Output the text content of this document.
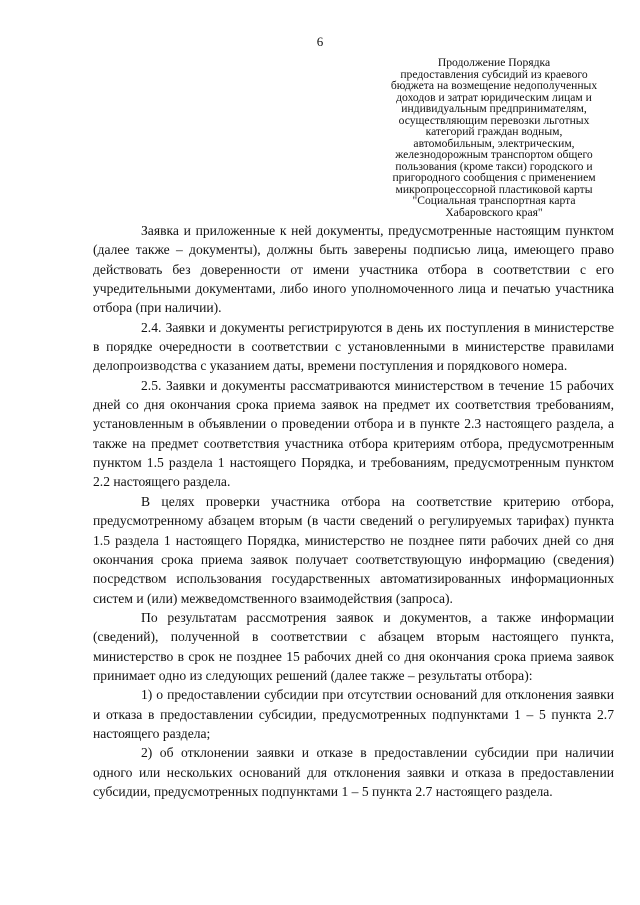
6
Продолжение Порядка
предоставления субсидий из краевого
бюджета на возмещение недополученных
доходов и затрат юридическим лицам и
индивидуальным предпринимателям,
осуществляющим перевозки льготных
категорий граждан водным,
автомобильным, электрическим,
железнодорожным транспортом общего
пользования (кроме такси) городского и
пригородного сообщения с применением
микропроцессорной пластиковой карты
"Социальная транспортная карта
Хабаровского края"

Заявка и приложенные к ней документы, предусмотренные настоящим пунктом (далее также – документы), должны быть заверены подписью лица, имеющего право действовать без доверенности от имени участника отбора в соответствии с его учредительными документами, либо иного уполномоченного лица и печатью участника отбора (при наличии).

2.4. Заявки и документы регистрируются в день их поступления в министерстве в порядке очередности в соответствии с установленными в министерстве правилами делопроизводства с указанием даты, времени поступления и порядкового номера.

2.5. Заявки и документы рассматриваются министерством в течение 15 рабочих дней со дня окончания срока приема заявок на предмет их соответствия требованиям, установленным в объявлении о проведении отбора и в пункте 2.3 настоящего раздела, а также на предмет соответствия участника отбора критериям отбора, предусмотренным пунктом 1.5 раздела 1 настоящего Порядка, и требованиям, предусмотренным пунктом 2.2 настоящего раздела.

В целях проверки участника отбора на соответствие критерию отбора, предусмотренному абзацем вторым (в части сведений о регулируемых тарифах) пункта 1.5 раздела 1 настоящего Порядка, министерство не позднее пяти рабочих дней со дня окончания срока приема заявок получает соответствующую информацию (сведения) посредством использования государственных автоматизированных информационных систем и (или) межведомственного взаимодействия (запроса).

По результатам рассмотрения заявок и документов, а также информации (сведений), полученной в соответствии с абзацем вторым настоящего пункта, министерство в срок не позднее 15 рабочих дней со дня окончания срока приема заявок принимает одно из следующих решений (далее также – результаты отбора):

1) о предоставлении субсидии при отсутствии оснований для отклонения заявки и отказа в предоставлении субсидии, предусмотренных подпунктами 1 – 5 пункта 2.7 настоящего раздела;

2) об отклонении заявки и отказе в предоставлении субсидии при наличии одного или нескольких оснований для отклонения заявки и отказа в предоставлении субсидии, предусмотренных подпунктами 1 – 5 пункта 2.7 настоящего раздела.
